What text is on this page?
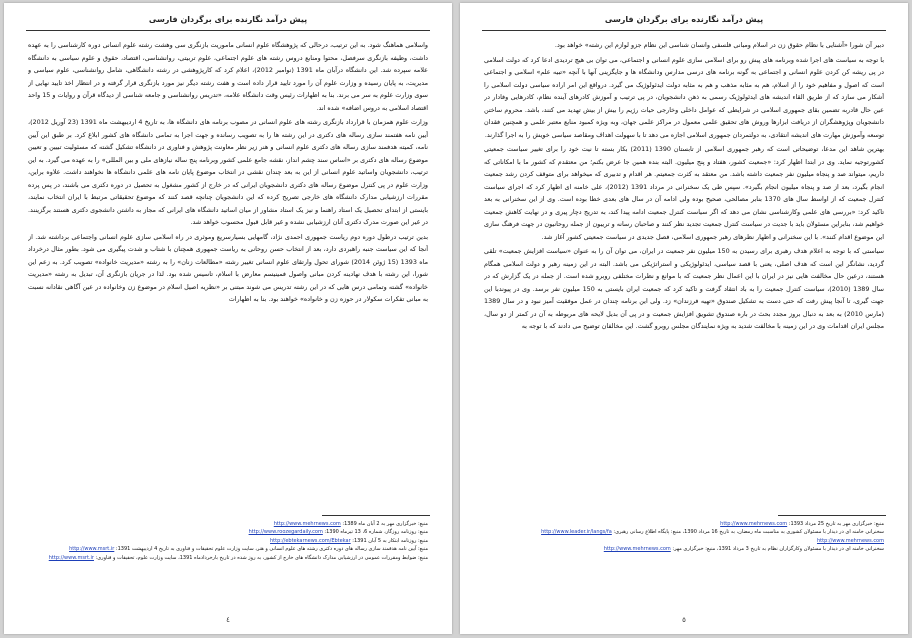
پیش درآمد نگارنده برای برگردان فارسی

واسلامی هماهنگ شود. به این ترتیب، درحالی که پژوهشگاه علوم انسانی ماموریت بازنگری سی وهشت رشته علوم انسانی دوره کارشناسی را به عهده داشت، وظیفه بازنگری سرفصل، محتوا ومنابع دروس رشته های علوم اجتماعی، علوم تربیتی، روانشناسی، اقتصاد، حقوق و علوم سیاسی به دانشگاه علامه سپرده شد. این دانشگاه درآبان ماه 1391 (نوامبر 2012)، اعلام کرد که کارپژوهشی در رشته دانشگاهی، شامل روانشناسی، علوم سیاسی و مدیریت، به پایان رسیده و وزارت علوم آن را مورد تایید قرار داده است و هفت رشته دیگر نیز مورد بازنگری قرار گرفته و در انتظار اخذ تایید نهایی از سوی وزارت علوم به سر می برند. بنا به اظهارات رئیس وقت دانشگاه علامه، «تدریس روانشناسی و جامعه شناسی از دیدگاه قرآن و روایات و 15 واحد اقتصاد اسلامی به دروس اضافه» شده اند.

وزارت علوم همزمان با قرارداد بازنگری رشته های علوم انسانی در مصوب برنامه های دانشگاه ها، به تاریخ 4 اردیبهشت ماه 1391 (23 آوریل 2012)، آیین نامه هفتمند سازی رساله های دکتری در این رشته ها را به تصویب رسانده و جهت اجرا به تمامی دانشگاه های کشور ابلاغ کرد. بر طبق این آیین نامه، کمیته هدفمند سازی رساله های دکتری علوم انسانی و هنر زیر نظر معاونت پژوهش و فناوری در دانشگاه تشکیل گشته که مسئولیت تبیین و تعیین موضوع رساله های دکتری بر «اساس سند چشم انداز، نقشه جامع علمی کشور وبرنامه پنج ساله نیازهای ملی و بین المللی» را به عهده می گیرد. به این ترتیب، دانشجویان واساتید علوم انسانی از این به بعد چندان نقشی در انتخاب موضوع پایان نامه های علمی دانشگاه ها نخواهند داشت. علاوه براین، وزارت علوم در پی کنترل موضوع رساله های دکتری دانشجویان ایرانی که در خارج از کشور مشغول به تحصیل در دوره دکتری می باشند، در پس پرده مقررات ارزشیابی مدارک دانشگاه های خارجی تصریح کرده که این دانشجویان چنانچه قصد کنند که موضوع تحقیقاتی مرتبط با ایران انتخاب نمایند، بایستی از ابتدای تحصیل یک استاد راهنما و نیز یک استاد مشاور از میان اساتید دانشگاه های ایرانی که مجاز به داشتن دانشجوی دکتری هستند برگزینند. در غیر این صورت مدرک دکتری آنان ارزشیابی نشده و غیر قابل قبول محسوب خواهد شد.

بدین ترتیب درطول دوره دوم ریاست جمهوری احمدی نژاد، گامهایی بسیارسریع وموثری در راه اسلامی سازی علوم انسانی واجتماعی برداشته شد. از آنجا که این سیاست جنبه راهبردی دارد، بعد از انتخاب حسن روحانی به ریاست جمهوری همچنان با شتاب و شدت پیگیری می شود. بطور مثال درخرداد ماه 1393 (15 ژوئن 2014) شورای تحول وارتقای علوم انسانی تغییر رشته «مطالعات زنان» را به رشته «مدیریت خانواده» تصویب کرد. به زعم این شورا، این رشته با هدف نهادینه کردن مبانی واصول فمینیسم معارض با اسلام، تاسیس شده بود. لذا در جریان بازنگری آن، تبدیل به رشته «مدیریت خانواده» گشته وتمامی درس هایی که در این رشته تدریس می شوند مبتنی بر «نظریه اصیل اسلام در موضوع زن وخانواده در عین آگاهی نقادانه نسبت به مبانی تفکرات سکولار در حوزه زن و خانواده» خواهند بود. بنا به اظهارات

منبع: خبرگزاری مهر به 2 آبان ماه 1389: http://www.mehrnews.com

منبع: روزنامه روزگار، شماره 6، 13 تیرماه 1390: http://www.roozegardaily.com

منبع: روزنامه ابتکار به 5 آبان 1391: http://ebtekarnews.com/Ebtekar

منبع: آیین نامه هدفمند سازی رساله های دوره دکتری رشته های علوم انسانی و هنر، سایت وزارت علوم تحقیقات و فناوری به تاریخ 4 اردیبهشت 1391: http://www.msrt.ir

منبع: ضوابط ومقررات عمومی در ارزشیابی مدارک دانشگاه های خارج از کشور، به روز شده در تاریخ بارخردادماه 1391، سایت وزارت علوم، تحقیقات و فناوری: http://www.msrt.ir

٤
پیش درآمد نگارنده برای برگردان فارسی

دبیر آن شورا «آشنایی با نظام حقوق زن در اسلام ومبانی فلسفی وانسان شناسی این نظام جزو لوازم این رشته» خواهد بود.

با توجه به سیاست های اجرا شده وبرنامه های پیش رو برای اسلامی سازی علوم انسانی و اجتماعی، می توان بی هیچ تردیدی ادعا کرد که دولت اسلامی در پی ریشه کن کردن علوم انسانی و اجتماعی به گونه برنامه های درسی مدارس ودانشگاه ها و جایگزینی آنها با آنچه «تبیه علم» اسلامی و اجتماعی است که اصول و مفاهیم خود را از اسلام، هم به مثابه مذهب و هم به مثابه دولت ایدئولوژیک می گیرد. درواقع این امر اراده سیاسی دولت اسلامی را آشکار می سازد که از طریق القاء اندیشه های ایدئولوژیک رسمی به ذهن دانشجویان، در پی ترتیب و آموزش کادرهای آینده نظام، کادرهایی وفادار در عین حال قادربه تضمین بقای جمهوری اسلامی در شرایطی که عوامل داخلی وخارجی حیات رژیم را بیش از بیش تهدید می کنند، باشد. محروم ساختن دانشجویان وپژوهشگران از دریافت ابزارها وروش های تحقیق علمی معمول در مراکز علمی جهان، وبه ویژه کمبود منابع معتبر علمی و همچنین فقدان توسعه وآموزش مهارت های اندیشه انتقادی، به دولتمردان جمهوری اسلامی اجازه می دهد تا با سهولت اهداف ومقاصد سیاسی خویش را به اجرا گذارند.

بهترین شاهد این مدعا، توضیحاتی است که رهبر جمهوری اسلامی از تابستان 1390 (2011) بکار بسته تا نیت خود را برای تغییر سیاست جمعیتی کشورتوجیه نماید. وی در ابتدا اظهار کرد: «جمعیت کشور، هفتاد و پنج میلیون. البته بنده همین جا عرض بکنم؛ من معتقدم که کشور ما با امکاناتی که داریم، میتواند صد و پنجاه میلیون نفر جمعیت داشته باشد. من معتقد به کثرت جمعیتم. هر اقدام و تدبیری که میخواهد برای متوقف کردن رشد جمعیت انجام بگیرد، بعد از صد و پنجاه میلیون انجام بگیرد». سپس طی یک سخنرانی در مرداد 1391 (2012)، علی خامنه ای اظهار کرد که اجرای سیاست کنترل جمعیت که از اواسط سال های 1370 بنابر مصالحی، صحیح بوده ولی ادامه آن در سال های بعدی خطا بوده است. وی از این سخنرانی به بعد تاکید کرد: «بررسی های علمی وکارشناسی نشان می دهد که اگر سیاست کنترل جمعیت ادامه پیدا کند، به تدریج دچار پیری و در نهایت کاهش جمعیت خواهیم شد، بنابراین مسئولان باید با جدیت در سیاست کنترل جمعیت تجدید نظر کنند و صاحبان رسانه و تریبون از جمله روحانیون در جهت فرهنگ سازی این موضوع اقدام کنند». با این سخنرانی و اظهار نظرهای رهبر جمهوری اسلامی، فصل جدیدی در سیاست جمعیتی کشور آغاز شد.

سیاستی که با توجه به اعلام هدف رهبری برای رسیدن به 150 میلیون نفر جمعیت در ایران، می توان آن را به عنوان «سیاست افزایش جمعیت» تلقی گردید، نشانگر این است که هدف اصلی، یعنی با قصد سیاسی، ایدئولوژیکی و استراتژیکی می باشد. البته در این زمینه رهبر و دولت اسلامی همگام هستند، درعین حال مخالفت هایی نیز در ایران با این اعمال نظر جمعیت که با موانع و نظرات مختلفی روبرو شده است. از جمله در یک گزارش که در سال 1389 (2010)، سیاست کنترل جمعیت را به باد انتقاد گرفت و تاکید کرد که جمعیت ایران بایستی به 150 میلیون نفر برسد. وی در پیوندبا این جهت گیری، تا آنجا پیش رفت که حتی دست به تشکیل صندوق «تهیه فرزندان» زد. ولی این برنامه چندان در عمل موفقیت آمیز نبود و در سال 1389 (مارس 2010) به بعد به دنبال بروز مجدد بحث در باره صندوق تشویق افزایش جمعیت و در پی آن بدیل لایحه های مربوطه به آن در کمتر از دو سال، مجلس ایران اقدامات وی در این زمینه با مخالفت شدید به ویژه نمایندگان مجلس روبرو گشت. این مخالفان توضیح می دادند که با توجه به

منبع: خبرگزاری مهر به تاریخ 25 مرداد 1393: http://www.mehrnews.com

سخنرانی خامنه ای در دیدار با مسئولان کشوری به مناسبت ماه رمضان، به تاریخ 16 مرداد 1390، منبع: پایگاه اطلاع رسانی رهبری: http://www.leader.ir/langs/fa

http://www.mehrnews.com

سخنرانی خامنه ای در دیدار با مسئولان وکارگزاران نظام به تاریخ 3 مرداد 1391، منبع: خبرگزاری مهر: http://www.mehrnews.com

٥
